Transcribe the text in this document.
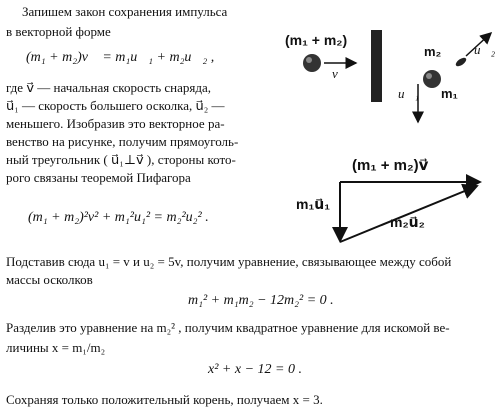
Запишем закон сохранения импульса
в векторной форме
(m₁ + m₂)v⃗ = m₁u⃗₁ + m₂u⃗₂ ,
где v⃗ — начальная скорость снаряда,
u⃗₁ — скорость большего осколка, u⃗₂ —
меньшего. Изобразив это векторное ра-
венство на рисунке, получим прямоуголь-
ный треугольник ( u⃗₁⊥v⃗ ), стороны кото-
рого связаны теоремой Пифагора
(m₁ + m₂)²v² + m₁²u₁² = m₂²u₂² .
Подставив сюда u₁ = v и u₂ = 5v, получим уравнение, связывающее между собой
массы осколков
m₁² + m₁m₂ − 12m₂² = 0 .
Разделив это уравнение на m₂² , получим квадратное уравнение для искомой ве-
личины x = m₁/m₂
x² + x − 12 = 0 .
Сохраняя только положительный корень, получаем x = 3.
(m₁ + m₂)
v⃗
u⃗₁ m₁
m₂	u⃗₂
(m₁ + m₂)v⃗
m₁u⃗₁
m₂u⃗₂
